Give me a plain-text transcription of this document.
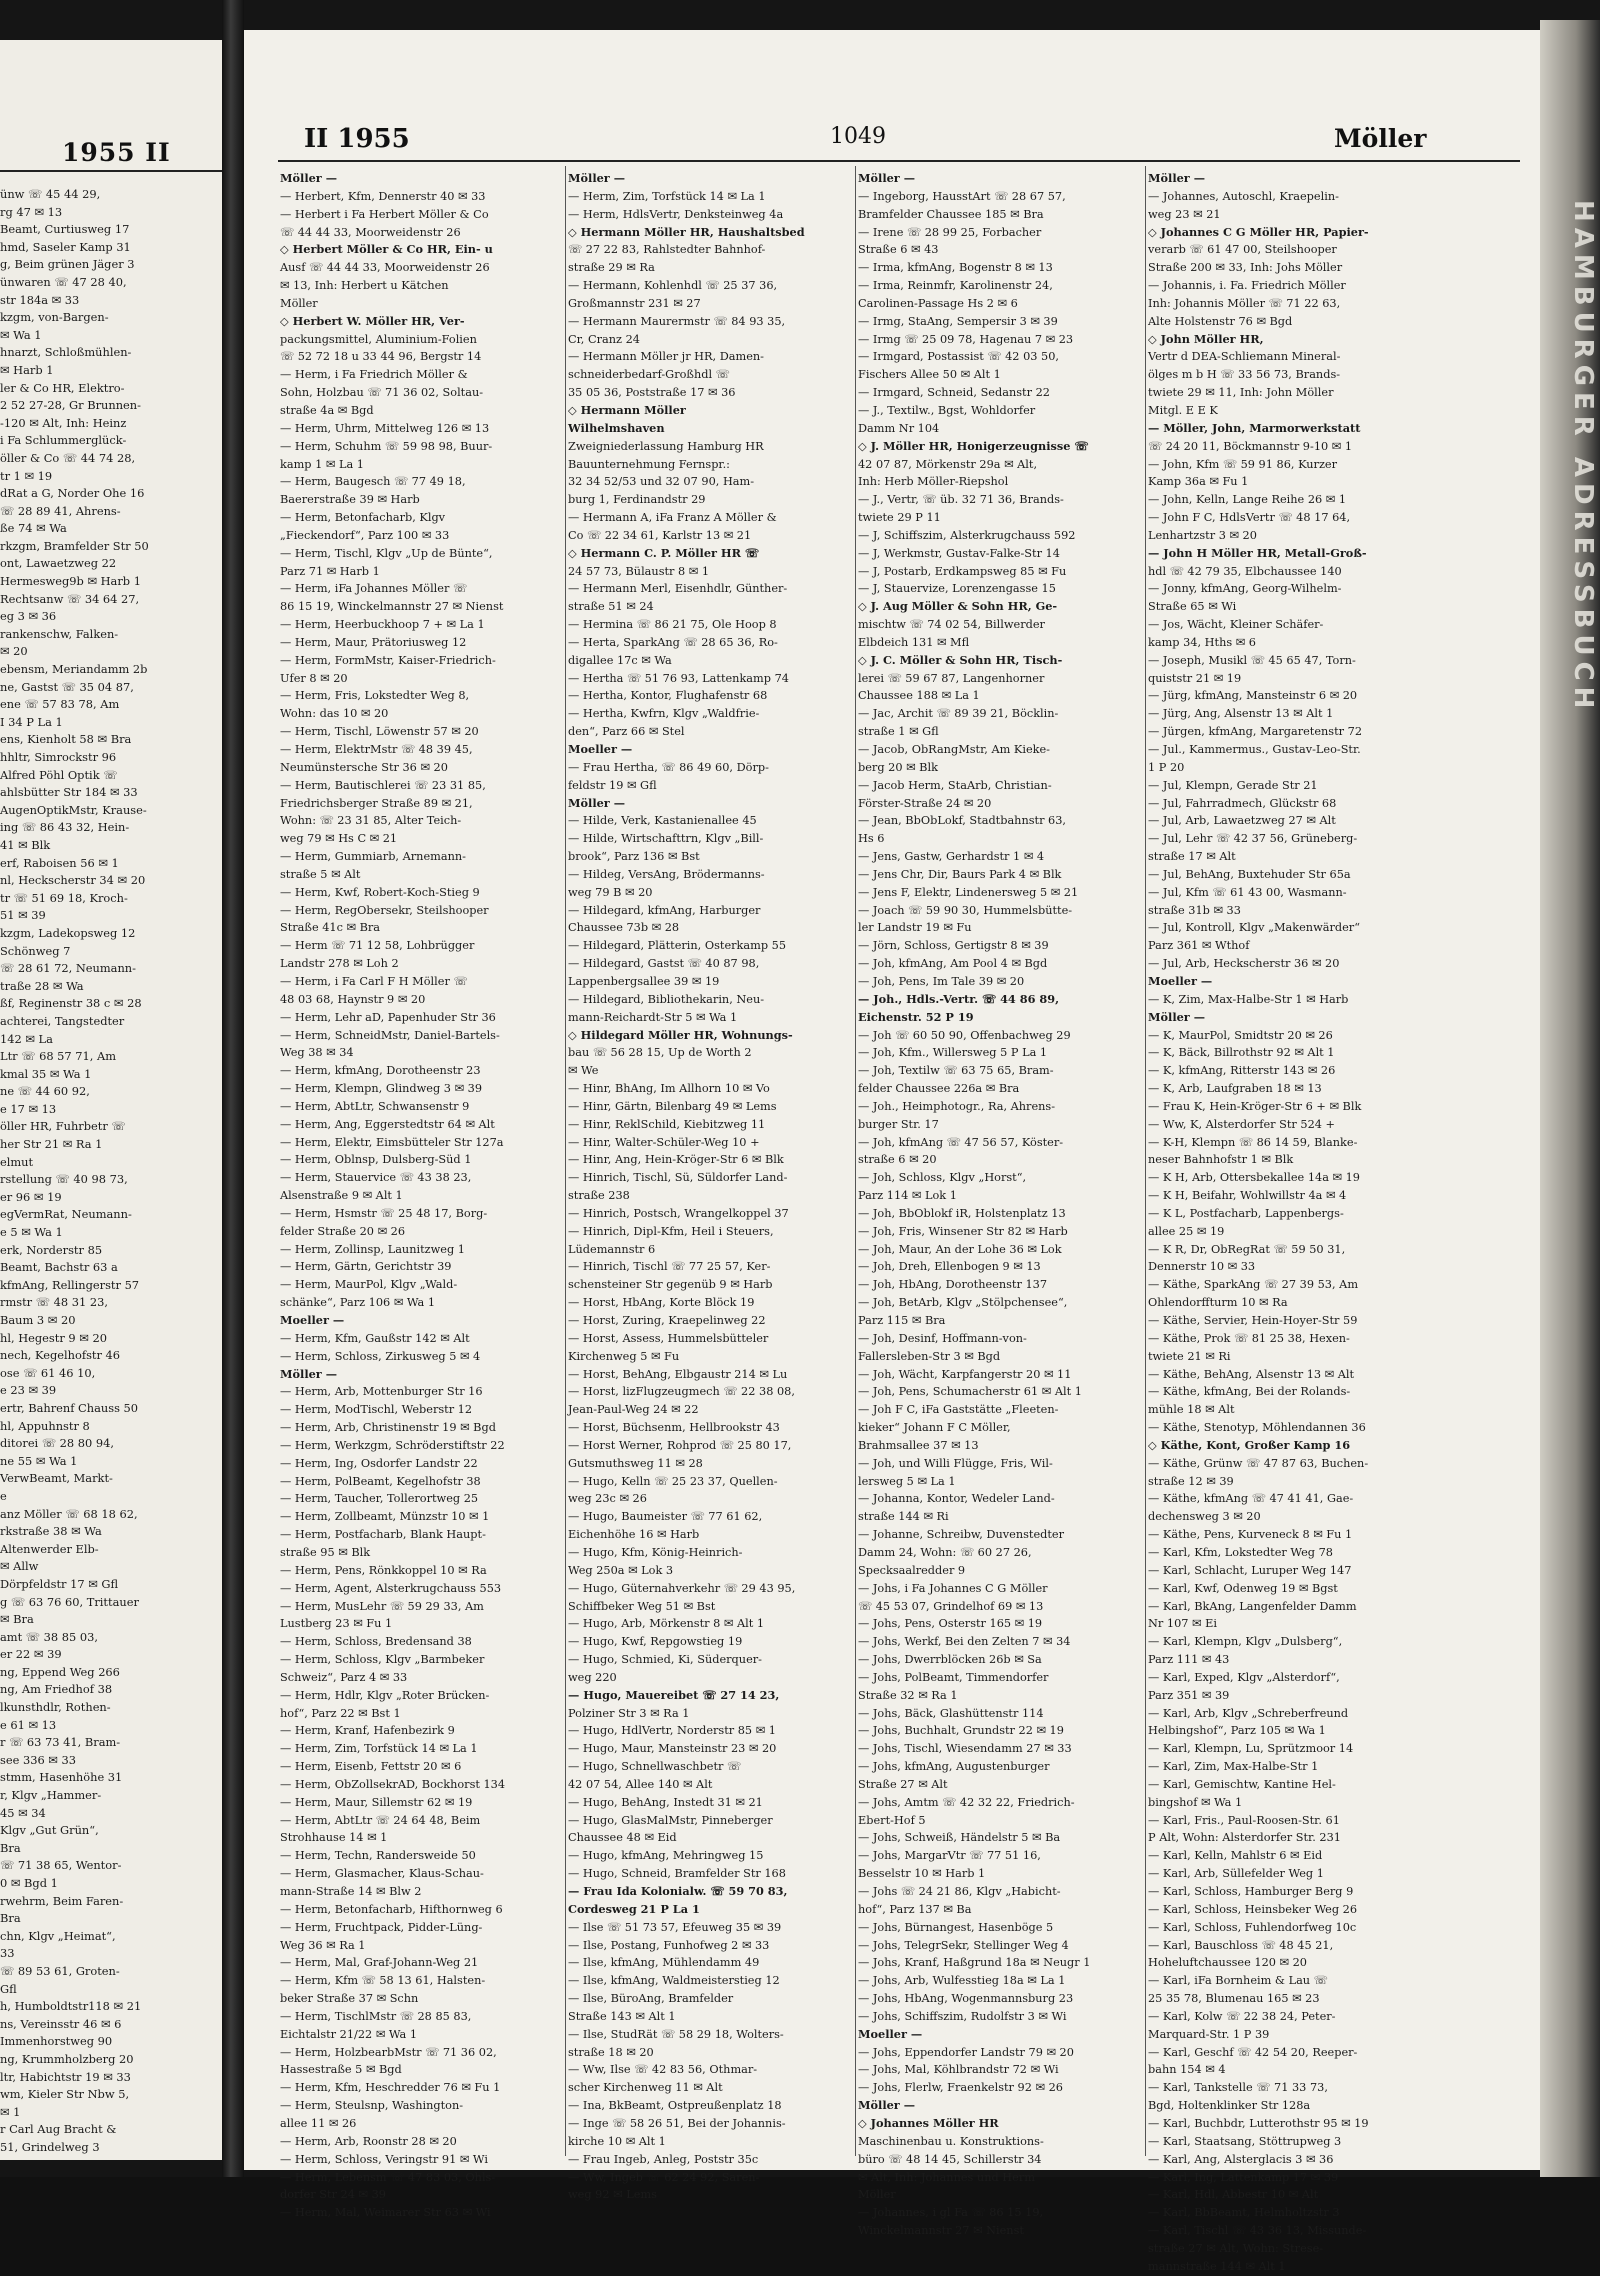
1955 II
ünw ☏ 45 44 29,
rg 47 ✉ 13
Beamt, Curtiusweg 17
hmd, Saseler Kamp 31
g, Beim grünen Jäger 3
ünwaren ☏ 47 28 40,
str 184a ✉ 33
kzgm, von-Bargen-
✉ Wa 1
hnarzt, Schloßmühlen-
✉ Harb 1
ler & Co HR, Elektro-
2 52 27-28, Gr Brunnen-
-120 ✉ Alt, Inh: Heinz
i Fa Schlummerglück-
öller & Co ☏ 44 74 28,
tr 1 ✉ 19
dRat a G, Norder Ohe 16
☏ 28 89 41, Ahrens-
ße 74 ✉ Wa
rkzgm, Bramfelder Str 50
ont, Lawaetzweg 22
Hermesweg9b ✉ Harb 1
Rechtsanw ☏ 34 64 27,
eg 3 ✉ 36
rankenschw, Falken-
✉ 20
ebensm, Meriandamm 2b
ne, Gastst ☏ 35 04 87,
ene ☏ 57 83 78, Am
I 34 P La 1
ens, Kienholt 58 ✉ Bra
hhltr, Simrockstr 96
Alfred Pöhl Optik ☏
ahlsbütter Str 184 ✉ 33
AugenOptikMstr, Krause-
ing ☏ 86 43 32, Hein-
41 ✉ Blk
erf, Raboisen 56 ✉ 1
nl, Heckscherstr 34 ✉ 20
tr ☏ 51 69 18, Kroch-
51 ✉ 39
kzgm, Ladekopsweg 12
Schönweg 7
☏ 28 61 72, Neumann-
traße 28 ✉ Wa
ßf, Reginenstr 38 c ✉ 28
achterei, Tangstedter
142 ✉ La
Ltr ☏ 68 57 71, Am
kmal 35 ✉ Wa 1
ne ☏ 44 60 92,
e 17 ✉ 13
öller HR, Fuhrbetr ☏
her Str 21 ✉ Ra 1
elmut
rstellung ☏ 40 98 73,
er 96 ✉ 19
egVermRat, Neumann-
e 5 ✉ Wa 1
erk, Norderstr 85
Beamt, Bachstr 63 a
kfmAng, Rellingerstr 57
rmstr ☏ 48 31 23,
Baum 3 ✉ 20
hl, Hegestr 9 ✉ 20
nech, Kegelhofstr 46
ose ☏ 61 46 10,
e 23 ✉ 39
ertr, Bahrenf Chauss 50
hl, Appuhnstr 8
ditorei ☏ 28 80 94,
ne 55 ✉ Wa 1
VerwBeamt, Markt-
e
anz Möller ☏ 68 18 62,
rkstraße 38 ✉ Wa
Altenwerder Elb-
✉ Allw
Dörpfeldstr 17 ✉ Gfl
g ☏ 63 76 60, Trittauer
✉ Bra
amt ☏ 38 85 03,
er 22 ✉ 39
ng, Eppend Weg 266
ng, Am Friedhof 38
lkunsthdlr, Rothen-
e 61 ✉ 13
r ☏ 63 73 41, Bram-
see 336 ✉ 33
stmm, Hasenhöhe 31
r, Klgv „Hammer-
45 ✉ 34
Klgv „Gut Grün“,
Bra
☏ 71 38 65, Wentor-
0 ✉ Bgd 1
rwehrm, Beim Faren-
Bra
chn, Klgv „Heimat“,
33
☏ 89 53 61, Groten-
Gfl
h, Humboldtstr118 ✉ 21
ns, Vereinsstr 46 ✉ 6
Immenhorstweg 90
ng, Krummholzberg 20
ltr, Habichtstr 19 ✉ 33
wm, Kieler Str Nbw 5,
✉ 1
r Carl Aug Bracht &
51, Grindelweg 3
II 1955	1049	Möller
Möller —
— Herbert, Kfm, Dennerstr 40 ✉ 33
— Herbert i Fa Herbert Möller & Co
☏ 44 44 33, Moorweidenstr 26
◇ Herbert Möller & Co HR, Ein- u
Ausf ☏ 44 44 33, Moorweidenstr 26
✉ 13, Inh: Herbert u Kätchen
Möller
◇ Herbert W. Möller HR, Ver-
packungsmittel, Aluminium-Folien
☏ 52 72 18 u 33 44 96, Bergstr 14
— Herm, i Fa Friedrich Möller &
Sohn, Holzbau ☏ 71 36 02, Soltau-
straße 4a ✉ Bgd
— Herm, Uhrm, Mittelweg 126 ✉ 13
— Herm, Schuhm ☏ 59 98 98, Buur-
kamp 1 ✉ La 1
— Herm, Baugesch ☏ 77 49 18,
Baererstraße 39 ✉ Harb
— Herm, Betonfacharb, Klgv
„Fieckendorf“, Parz 100 ✉ 33
— Herm, Tischl, Klgv „Up de Bünte“,
Parz 71 ✉ Harb 1
— Herm, iFa Johannes Möller ☏
86 15 19, Winckelmannstr 27 ✉ Nienst
— Herm, Heerbuckhoop 7 + ✉ La 1
— Herm, Maur, Prätoriusweg 12
— Herm, FormMstr, Kaiser-Friedrich-
Ufer 8 ✉ 20
— Herm, Fris, Lokstedter Weg 8,
Wohn: das 10 ✉ 20
— Herm, Tischl, Löwenstr 57 ✉ 20
— Herm, ElektrMstr ☏ 48 39 45,
Neumünstersche Str 36 ✉ 20
— Herm, Bautischlerei ☏ 23 31 85,
Friedrichsberger Straße 89 ✉ 21,
Wohn: ☏ 23 31 85, Alter Teich-
weg 79 ✉ Hs C ✉ 21
— Herm, Gummiarb, Arnemann-
straße 5 ✉ Alt
— Herm, Kwf, Robert-Koch-Stieg 9
— Herm, RegObersekr, Steilshooper
Straße 41c ✉ Bra
— Herm ☏ 71 12 58, Lohbrügger
Landstr 278 ✉ Loh 2
— Herm, i Fa Carl F H Möller ☏
48 03 68, Haynstr 9 ✉ 20
— Herm, Lehr aD, Papenhuder Str 36
— Herm, SchneidMstr, Daniel-Bartels-
Weg 38 ✉ 34
— Herm, kfmAng, Dorotheenstr 23
— Herm, Klempn, Glindweg 3 ✉ 39
— Herm, AbtLtr, Schwansenstr 9
— Herm, Ang, Eggerstedtstr 64 ✉ Alt
— Herm, Elektr, Eimsbütteler Str 127a
— Herm, Oblnsp, Dulsberg-Süd 1
— Herm, Stauervice ☏ 43 38 23,
Alsenstraße 9 ✉ Alt 1
— Herm, Hsmstr ☏ 25 48 17, Borg-
felder Straße 20 ✉ 26
— Herm, Zollinsp, Launitzweg 1
— Herm, Gärtn, Gerichtstr 39
— Herm, MaurPol, Klgv „Wald-
schänke“, Parz 106 ✉ Wa 1
Moeller —
— Herm, Kfm, Gaußstr 142 ✉ Alt
— Herm, Schloss, Zirkusweg 5 ✉ 4
Möller —
— Herm, Arb, Mottenburger Str 16
— Herm, ModTischl, Weberstr 12
— Herm, Arb, Christinenstr 19 ✉ Bgd
— Herm, Werkzgm, Schröderstiftstr 22
— Herm, Ing, Osdorfer Landstr 22
— Herm, PolBeamt, Kegelhofstr 38
— Herm, Taucher, Tollerortweg 25
— Herm, Zollbeamt, Münzstr 10 ✉ 1
— Herm, Postfacharb, Blank Haupt-
straße 95 ✉ Blk
— Herm, Pens, Rönkkoppel 10 ✉ Ra
— Herm, Agent, Alsterkrugchauss 553
— Herm, MusLehr ☏ 59 29 33, Am
Lustberg 23 ✉ Fu 1
— Herm, Schloss, Bredensand 38
— Herm, Schloss, Klgv „Barmbeker
Schweiz“, Parz 4 ✉ 33
— Herm, Hdlr, Klgv „Roter Brücken-
hof“, Parz 22 ✉ Bst 1
— Herm, Kranf, Hafenbezirk 9
— Herm, Zim, Torfstück 14 ✉ La 1
— Herm, Eisenb, Fettstr 20 ✉ 6
— Herm, ObZollsekrAD, Bockhorst 134
— Herm, Maur, Sillemstr 62 ✉ 19
— Herm, AbtLtr ☏ 24 64 48, Beim
Strohhause 14 ✉ 1
— Herm, Techn, Randersweide 50
— Herm, Glasmacher, Klaus-Schau-
mann-Straße 14 ✉ Blw 2
— Herm, Betonfacharb, Hifthornweg 6
— Herm, Fruchtpack, Pidder-Lüng-
Weg 36 ✉ Ra 1
— Herm, Mal, Graf-Johann-Weg 21
— Herm, Kfm ☏ 58 13 61, Halsten-
beker Straße 37 ✉ Schn
— Herm, TischlMstr ☏ 28 85 83,
Eichtalstr 21/22 ✉ Wa 1
— Herm, HolzbearbMstr ☏ 71 36 02,
Hassestraße 5 ✉ Bgd
— Herm, Kfm, Heschredder 76 ✉ Fu 1
— Herm, Steulsnp, Washington-
allee 11 ✉ 26
— Herm, Arb, Roonstr 28 ✉ 20
— Herm, Schloss, Veringstr 91 ✉ Wi
— Herm, Lebensm ☏ 47 83 03, Ohls-
dorfer Str 24 ✉ 39
— Herm, Mal, Weimarer Str 63 ✉ Wi
Möller —
— Herm, Zim, Torfstück 14 ✉ La 1
— Herm, HdlsVertr, Denksteinweg 4a
◇ Hermann Möller HR, Haushaltsbed
☏ 27 22 83, Rahlstedter Bahnhof-
straße 29 ✉ Ra
— Hermann, Kohlenhdl ☏ 25 37 36,
Großmannstr 231 ✉ 27
— Hermann Maurermstr ☏ 84 93 35,
Cr, Cranz 24
— Hermann Möller jr HR, Damen-
schneiderbedarf-Großhdl ☏
35 05 36, Poststraße 17 ✉ 36
◇ Hermann Möller
Wilhelmshaven
Zweigniederlassung Hamburg HR
Bauunternehmung Fernspr.:
32 34 52/53 und 32 07 90, Ham-
burg 1, Ferdinandstr 29
— Hermann A, iFa Franz A Möller &
Co ☏ 22 34 61, Karlstr 13 ✉ 21
◇ Hermann C. P. Möller HR ☏
24 57 73, Bülaustr 8 ✉ 1
— Hermann Merl, Eisenhdlr, Günther-
straße 51 ✉ 24
— Hermina ☏ 86 21 75, Ole Hoop 8
— Herta, SparkAng ☏ 28 65 36, Ro-
digallee 17c ✉ Wa
— Hertha ☏ 51 76 93, Lattenkamp 74
— Hertha, Kontor, Flughafenstr 68
— Hertha, Kwfrn, Klgv „Waldfrie-
den“, Parz 66 ✉ Stel
Moeller —
— Frau Hertha, ☏ 86 49 60, Dörp-
feldstr 19 ✉ Gfl
Möller —
— Hilde, Verk, Kastanienallee 45
— Hilde, Wirtschafttrn, Klgv „Bill-
brook“, Parz 136 ✉ Bst
— Hildeg, VersAng, Brödermanns-
weg 79 B ✉ 20
— Hildegard, kfmAng, Harburger
Chaussee 73b ✉ 28
— Hildegard, Plätterin, Osterkamp 55
— Hildegard, Gastst ☏ 40 87 98,
Lappenbergsallee 39 ✉ 19
— Hildegard, Bibliothekarin, Neu-
mann-Reichardt-Str 5 ✉ Wa 1
◇ Hildegard Möller HR, Wohnungs-
bau ☏ 56 28 15, Up de Worth 2
✉ We
— Hinr, BhAng, Im Allhorn 10 ✉ Vo
— Hinr, Gärtn, Bilenbarg 49 ✉ Lems
— Hinr, ReklSchild, Kiebitzweg 11
— Hinr, Walter-Schüler-Weg 10 +
— Hinr, Ang, Hein-Kröger-Str 6 ✉ Blk
— Hinrich, Tischl, Sü, Süldorfer Land-
straße 238
— Hinrich, Postsch, Wrangelkoppel 37
— Hinrich, Dipl-Kfm, Heil i Steuers,
Lüdemannstr 6
— Hinrich, Tischl ☏ 77 25 57, Ker-
schensteiner Str gegenüb 9 ✉ Harb
— Horst, HbAng, Korte Blöck 19
— Horst, Zuring, Kraepelinweg 22
— Horst, Assess, Hummelsbütteler
Kirchenweg 5 ✉ Fu
— Horst, BehAng, Elbgaustr 214 ✉ Lu
— Horst, lizFlugzeugmech ☏ 22 38 08,
Jean-Paul-Weg 24 ✉ 22
— Horst, Büchsenm, Hellbrookstr 43
— Horst Werner, Rohprod ☏ 25 80 17,
Gutsmuthsweg 11 ✉ 28
— Hugo, Kelln ☏ 25 23 37, Quellen-
weg 23c ✉ 26
— Hugo, Baumeister ☏ 77 61 62,
Eichenhöhe 16 ✉ Harb
— Hugo, Kfm, König-Heinrich-
Weg 250a ✉ Lok 3
— Hugo, Güternahverkehr ☏ 29 43 95,
Schiffbeker Weg 51 ✉ Bst
— Hugo, Arb, Mörkenstr 8 ✉ Alt 1
— Hugo, Kwf, Repgowstieg 19
— Hugo, Schmied, Ki, Süderquer-
weg 220
— Hugo, Mauereibet ☏ 27 14 23,
Polziner Str 3 ✉ Ra 1
— Hugo, HdlVertr, Norderstr 85 ✉ 1
— Hugo, Maur, Mansteinstr 23 ✉ 20
— Hugo, Schnellwaschbetr ☏
42 07 54, Allee 140 ✉ Alt
— Hugo, BehAng, Instedt 31 ✉ 21
— Hugo, GlasMalMstr, Pinneberger
Chaussee 48 ✉ Eid
— Hugo, kfmAng, Mehringweg 15
— Hugo, Schneid, Bramfelder Str 168
— Frau Ida Kolonialw. ☏ 59 70 83,
Cordesweg 21 P La 1
— Ilse ☏ 51 73 57, Efeuweg 35 ✉ 39
— Ilse, Postang, Funhofweg 2 ✉ 33
— Ilse, kfmAng, Mühlendamm 49
— Ilse, kfmAng, Waldmeisterstieg 12
— Ilse, BüroAng, Bramfelder
Straße 143 ✉ Alt 1
— Ilse, StudRät ☏ 58 29 18, Wolters-
straße 18 ✉ 20
— Ww, Ilse ☏ 42 83 56, Othmar-
scher Kirchenweg 11 ✉ Alt
— Ina, BkBeamt, Ostpreußenplatz 18
— Inge ☏ 58 26 51, Bei der Johannis-
kirche 10 ✉ Alt 1
— Frau Ingeb, Anleg, Poststr 35c
— Ww, Ingeb ☏ 62 24 92, Saren-
weg 92 ✉ Lems
Möller —
— Ingeborg, HausstArt ☏ 28 67 57,
Bramfelder Chaussee 185 ✉ Bra
— Irene ☏ 28 99 25, Forbacher
Straße 6 ✉ 43
— Irma, kfmAng, Bogenstr 8 ✉ 13
— Irma, Reinmfr, Karolinenstr 24,
Carolinen-Passage Hs 2 ✉ 6
— Irmg, StaAng, Sempersir 3 ✉ 39
— Irmg ☏ 25 09 78, Hagenau 7 ✉ 23
— Irmgard, Postassist ☏ 42 03 50,
Fischers Allee 50 ✉ Alt 1
— Irmgard, Schneid, Sedanstr 22
— J., Textilw., Bgst, Wohldorfer
Damm Nr 104
◇ J. Möller HR, Honigerzeugnisse ☏
42 07 87, Mörkenstr 29a ✉ Alt,
Inh: Herb Möller-Riepshol
— J., Vertr, ☏ üb. 32 71 36, Brands-
twiete 29 P 11
— J, Schiffszim, Alsterkrugchauss 592
— J, Werkmstr, Gustav-Falke-Str 14
— J, Postarb, Erdkampsweg 85 ✉ Fu
— J, Stauervize, Lorenzengasse 15
◇ J. Aug Möller & Sohn HR, Ge-
mischtw ☏ 74 02 54, Billwerder
Elbdeich 131 ✉ Mfl
◇ J. C. Möller & Sohn HR, Tisch-
lerei ☏ 59 67 87, Langenhorner
Chaussee 188 ✉ La 1
— Jac, Archit ☏ 89 39 21, Böcklin-
straße 1 ✉ Gfl
— Jacob, ObRangMstr, Am Kieke-
berg 20 ✉ Blk
— Jacob Herm, StaArb, Christian-
Förster-Straße 24 ✉ 20
— Jean, BbObLokf, Stadtbahnstr 63,
Hs 6
— Jens, Gastw, Gerhardstr 1 ✉ 4
— Jens Chr, Dir, Baurs Park 4 ✉ Blk
— Jens F, Elektr, Lindenersweg 5 ✉ 21
— Joach ☏ 59 90 30, Hummelsbütte-
ler Landstr 19 ✉ Fu
— Jörn, Schloss, Gertigstr 8 ✉ 39
— Joh, kfmAng, Am Pool 4 ✉ Bgd
— Joh, Pens, Im Tale 39 ✉ 20
— Joh., Hdls.-Vertr. ☏ 44 86 89,
Eichenstr. 52 P 19
— Joh ☏ 60 50 90, Offenbachweg 29
— Joh, Kfm., Willersweg 5 P La 1
— Joh, Textilw ☏ 63 75 65, Bram-
felder Chaussee 226a ✉ Bra
— Joh., Heimphotogr., Ra, Ahrens-
burger Str. 17
— Joh, kfmAng ☏ 47 56 57, Köster-
straße 6 ✉ 20
— Joh, Schloss, Klgv „Horst“,
Parz 114 ✉ Lok 1
— Joh, BbOblokf iR, Holstenplatz 13
— Joh, Fris, Winsener Str 82 ✉ Harb
— Joh, Maur, An der Lohe 36 ✉ Lok
— Joh, Dreh, Ellenbogen 9 ✉ 13
— Joh, HbAng, Dorotheenstr 137
— Joh, BetArb, Klgv „Stölpchensee“,
Parz 115 ✉ Bra
— Joh, Desinf, Hoffmann-von-
Fallersleben-Str 3 ✉ Bgd
— Joh, Wächt, Karpfangerstr 20 ✉ 11
— Joh, Pens, Schumacherstr 61 ✉ Alt 1
— Joh F C, iFa Gaststätte „Fleeten-
kieker“ Johann F C Möller,
Brahmsallee 37 ✉ 13
— Joh, und Willi Flügge, Fris, Wil-
lersweg 5 ✉ La 1
— Johanna, Kontor, Wedeler Land-
straße 144 ✉ Ri
— Johanne, Schreibw, Duvenstedter
Damm 24, Wohn: ☏ 60 27 26,
Specksaalredder 9
— Johs, i Fa Johannes C G Möller
☏ 45 53 07, Grindelhof 69 ✉ 13
— Johs, Pens, Osterstr 165 ✉ 19
— Johs, Werkf, Bei den Zelten 7 ✉ 34
— Johs, Dwerrblöcken 26b ✉ Sa
— Johs, PolBeamt, Timmendorfer
Straße 32 ✉ Ra 1
— Johs, Bäck, Glashüttenstr 114
— Johs, Buchhalt, Grundstr 22 ✉ 19
— Johs, Tischl, Wiesendamm 27 ✉ 33
— Johs, kfmAng, Augustenburger
Straße 27 ✉ Alt
— Johs, Amtm ☏ 42 32 22, Friedrich-
Ebert-Hof 5
— Johs, Schweiß, Händelstr 5 ✉ Ba
— Johs, MargarVtr ☏ 77 51 16,
Besselstr 10 ✉ Harb 1
— Johs ☏ 24 21 86, Klgv „Habicht-
hof“, Parz 137 ✉ Ba
— Johs, Bürnangest, Hasenböge 5
— Johs, TelegrSekr, Stellinger Weg 4
— Johs, Kranf, Haßgrund 18a ✉ Neugr 1
— Johs, Arb, Wulfesstieg 18a ✉ La 1
— Johs, HbAng, Wogenmannsburg 23
— Johs, Schiffszim, Rudolfstr 3 ✉ Wi
Moeller —
— Johs, Eppendorfer Landstr 79 ✉ 20
— Johs, Mal, Köhlbrandstr 72 ✉ Wi
— Johs, Flerlw, Fraenkelstr 92 ✉ 26
Möller —
◇ Johannes Möller HR
Maschinenbau u. Konstruktions-
büro ☏ 48 14 45, Schillerstr 34
✉ Alt, Inh: Johannes und Herm
Möller
— Johannes, i gl Fa ☏ 86 15 19,
Winckelmannstr 27 ✉ Nienst
Möller —
— Johannes, Autoschl, Kraepelin-
weg 23 ✉ 21
◇ Johannes C G Möller HR, Papier-
verarb ☏ 61 47 00, Steilshooper
Straße 200 ✉ 33, Inh: Johs Möller
— Johannis, i. Fa. Friedrich Möller
Inh: Johannis Möller ☏ 71 22 63,
Alte Holstenstr 76 ✉ Bgd
◇ John Möller HR,
Vertr d DEA-Schliemann Mineral-
ölges m b H ☏ 33 56 73, Brands-
twiete 29 ✉ 11, Inh: John Möller
Mitgl. E E K
— Möller, John, Marmorwerkstatt
☏ 24 20 11, Böckmannstr 9-10 ✉ 1
— John, Kfm ☏ 59 91 86, Kurzer
Kamp 36a ✉ Fu 1
— John, Kelln, Lange Reihe 26 ✉ 1
— John F C, HdlsVertr ☏ 48 17 64,
Lenhartzstr 3 ✉ 20
— John H Möller HR, Metall-Groß-
hdl ☏ 42 79 35, Elbchaussee 140
— Jonny, kfmAng, Georg-Wilhelm-
Straße 65 ✉ Wi
— Jos, Wächt, Kleiner Schäfer-
kamp 34, Hths ✉ 6
— Joseph, Musikl ☏ 45 65 47, Torn-
quiststr 21 ✉ 19
— Jürg, kfmAng, Mansteinstr 6 ✉ 20
— Jürg, Ang, Alsenstr 13 ✉ Alt 1
— Jürgen, kfmAng, Margaretenstr 72
— Jul., Kammermus., Gustav-Leo-Str.
1 P 20
— Jul, Klempn, Gerade Str 21
— Jul, Fahrradmech, Glückstr 68
— Jul, Arb, Lawaetzweg 27 ✉ Alt
— Jul, Lehr ☏ 42 37 56, Grüneberg-
straße 17 ✉ Alt
— Jul, BehAng, Buxtehuder Str 65a
— Jul, Kfm ☏ 61 43 00, Wasmann-
straße 31b ✉ 33
— Jul, Kontroll, Klgv „Makenwärder“
Parz 361 ✉ Wthof
— Jul, Arb, Heckscherstr 36 ✉ 20
Moeller —
— K, Zim, Max-Halbe-Str 1 ✉ Harb
Möller —
— K, MaurPol, Smidtstr 20 ✉ 26
— K, Bäck, Billrothstr 92 ✉ Alt 1
— K, kfmAng, Ritterstr 143 ✉ 26
— K, Arb, Laufgraben 18 ✉ 13
— Frau K, Hein-Kröger-Str 6 + ✉ Blk
— Ww, K, Alsterdorfer Str 524 +
— K-H, Klempn ☏ 86 14 59, Blanke-
neser Bahnhofstr 1 ✉ Blk
— K H, Arb, Ottersbekallee 14a ✉ 19
— K H, Beifahr, Wohlwillstr 4a ✉ 4
— K L, Postfacharb, Lappenbergs-
allee 25 ✉ 19
— K R, Dr, ObRegRat ☏ 59 50 31,
Dennerstr 10 ✉ 33
— Käthe, SparkAng ☏ 27 39 53, Am
Ohlendorffturm 10 ✉ Ra
— Käthe, Servier, Hein-Hoyer-Str 59
— Käthe, Prok ☏ 81 25 38, Hexen-
twiete 21 ✉ Ri
— Käthe, BehAng, Alsenstr 13 ✉ Alt
— Käthe, kfmAng, Bei der Rolands-
mühle 18 ✉ Alt
— Käthe, Stenotyp, Möhlendannen 36
◇ Käthe, Kont, Großer Kamp 16
— Käthe, Grünw ☏ 47 87 63, Buchen-
straße 12 ✉ 39
— Käthe, kfmAng ☏ 47 41 41, Gae-
dechensweg 3 ✉ 20
— Käthe, Pens, Kurveneck 8 ✉ Fu 1
— Karl, Kfm, Lokstedter Weg 78
— Karl, Schlacht, Luruper Weg 147
— Karl, Kwf, Odenweg 19 ✉ Bgst
— Karl, BkAng, Langenfelder Damm
Nr 107 ✉ Ei
— Karl, Klempn, Klgv „Dulsberg“,
Parz 111 ✉ 43
— Karl, Exped, Klgv „Alsterdorf“,
Parz 351 ✉ 39
— Karl, Arb, Klgv „Schreberfreund
Helbingshof“, Parz 105 ✉ Wa 1
— Karl, Klempn, Lu, Sprützmoor 14
— Karl, Zim, Max-Halbe-Str 1
— Karl, Gemischtw, Kantine Hel-
bingshof ✉ Wa 1
— Karl, Fris., Paul-Roosen-Str. 61
P Alt, Wohn: Alsterdorfer Str. 231
— Karl, Kelln, Mahlstr 6 ✉ Eid
— Karl, Arb, Süllefelder Weg 1
— Karl, Schloss, Hamburger Berg 9
— Karl, Schloss, Heinsbeker Weg 26
— Karl, Schloss, Fuhlendorfweg 10c
— Karl, Bauschloss ☏ 48 45 21,
Hoheluftchaussee 120 ✉ 20
— Karl, iFa Bornheim & Lau ☏
25 35 78, Blumenau 165 ✉ 23
— Karl, Kolw ☏ 22 38 24, Peter-
Marquard-Str. 1 P 39
— Karl, Geschf ☏ 42 54 20, Reeper-
bahn 154 ✉ 4
— Karl, Tankstelle ☏ 71 33 73,
Bgd, Holtenklinker Str 128a
— Karl, Buchbdr, Lutterothstr 95 ✉ 19
— Karl, Staatsang, Stöttrupweg 3
— Karl, Ang, Alsterglacis 3 ✉ 36
— Karl, Ing, Lattenkamp 17 ✉ 39
— Karl, Hdl, Abbestr 10 ✉ Alt
— Karl, BbBeamt, Helmholtzstr 3
— Karl, Tischl ☏ 43 36 13, Missunde-
straße 27 ✉ Alt, Wohn: Strese-
mannstraße 144 ✉ Alt 1
HAMBURGER ADRESSBUCH
